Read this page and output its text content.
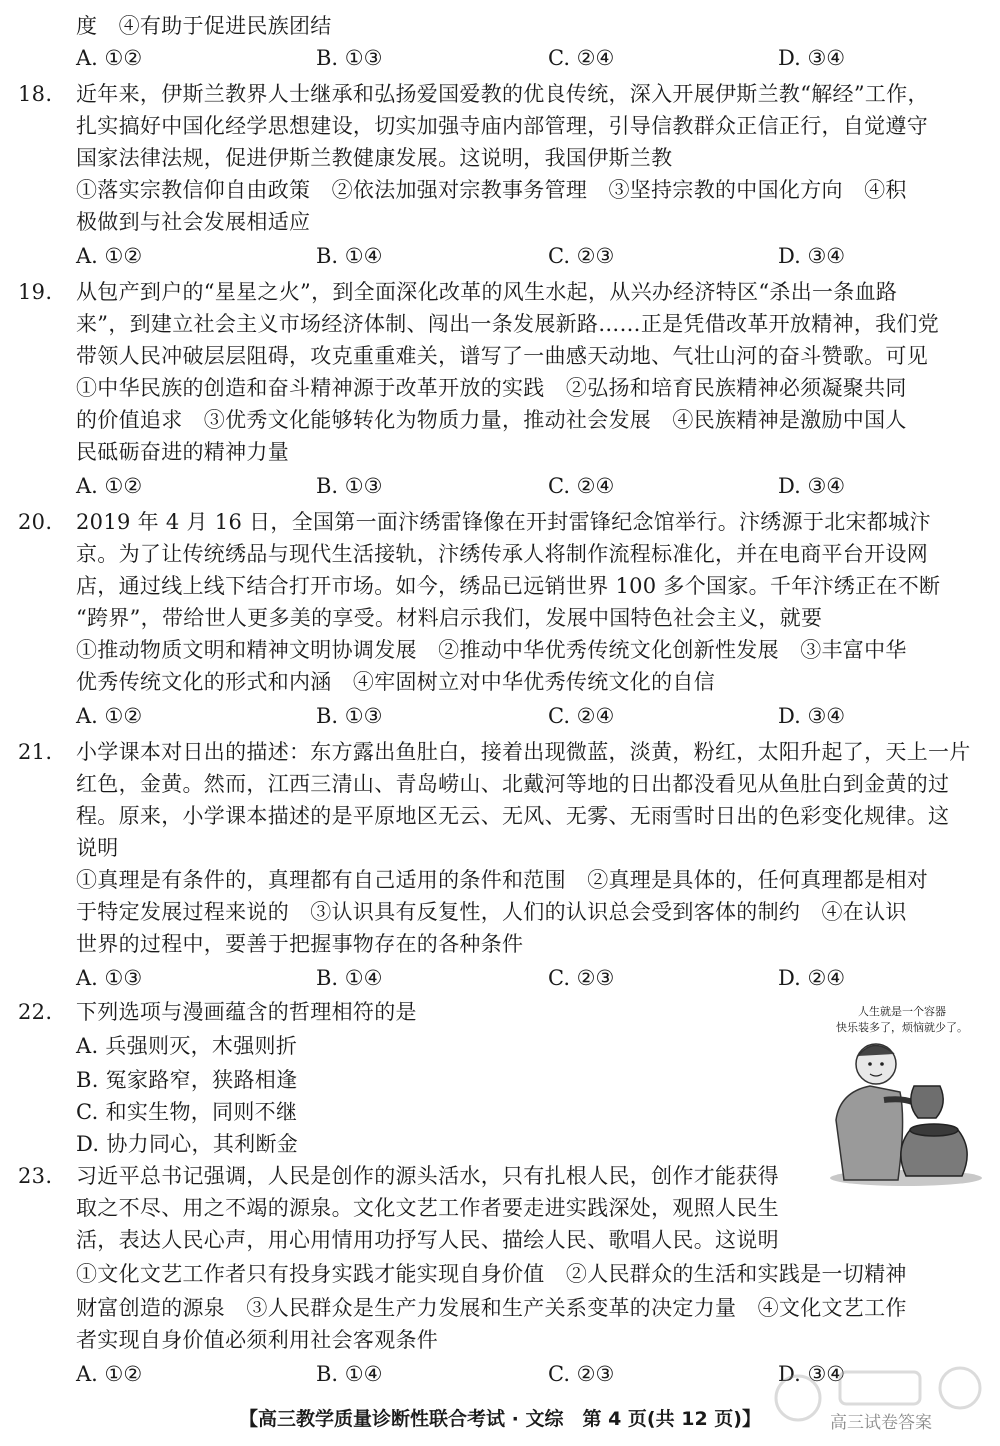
度　④有助于促进民族团结
A. ①②	B. ①③	C. ②④	D. ③④
18. 近年来，伊斯兰教界人士继承和弘扬爱国爱教的优良传统，深入开展伊斯兰教“解经”工作，
扎实搞好中国化经学思想建设，切实加强寺庙内部管理，引导信教群众正信正行，自觉遵守
国家法律法规，促进伊斯兰教健康发展。这说明，我国伊斯兰教
①落实宗教信仰自由政策　②依法加强对宗教事务管理　③坚持宗教的中国化方向　④积
极做到与社会发展相适应
A. ①②	B. ①④	C. ②③	D. ③④
19. 从包产到户的“星星之火”，到全面深化改革的风生水起，从兴办经济特区“杀出一条血路
来”，到建立社会主义市场经济体制、闯出一条发展新路……正是凭借改革开放精神，我们党
带领人民冲破层层阻碍，攻克重重难关，谱写了一曲感天动地、气壮山河的奋斗赞歌。可见
①中华民族的创造和奋斗精神源于改革开放的实践　②弘扬和培育民族精神必须凝聚共同
的价值追求　③优秀文化能够转化为物质力量，推动社会发展　④民族精神是激励中国人
民砥砺奋进的精神力量
A. ①②	B. ①③	C. ②④	D. ③④
20. 2019 年 4 月 16 日，全国第一面汴绣雷锋像在开封雷锋纪念馆举行。汴绣源于北宋都城汴
京。为了让传统绣品与现代生活接轨，汴绣传承人将制作流程标准化，并在电商平台开设网
店，通过线上线下结合打开市场。如今，绣品已远销世界 100 多个国家。千年汴绣正在不断
“跨界”，带给世人更多美的享受。材料启示我们，发展中国特色社会主义，就要
①推动物质文明和精神文明协调发展　②推动中华优秀传统文化创新性发展　③丰富中华
优秀传统文化的形式和内涵　④牢固树立对中华优秀传统文化的自信
A. ①②	B. ①③	C. ②④	D. ③④
21. 小学课本对日出的描述：东方露出鱼肚白，接着出现微蓝，淡黄，粉红，太阳升起了，天上一片
红色，金黄。然而，江西三清山、青岛崂山、北戴河等地的日出都没看见从鱼肚白到金黄的过
程。原来，小学课本描述的是平原地区无云、无风、无雾、无雨雪时日出的色彩变化规律。这
说明
①真理是有条件的，真理都有自己适用的条件和范围　②真理是具体的，任何真理都是相对
于特定发展过程来说的　③认识具有反复性，人们的认识总会受到客体的制约　④在认识
世界的过程中，要善于把握事物存在的各种条件
A. ①③	B. ①④	C. ②③	D. ②④
22. 下列选项与漫画蕴含的哲理相符的是
A. 兵强则灭，木强则折
B. 冤家路窄，狭路相逢
C. 和实生物，同则不继
D. 协力同心，其利断金
人生就是一个容器
快乐装多了，烦恼就少了。
23. 习近平总书记强调，人民是创作的源头活水，只有扎根人民，创作才能获得
取之不尽、用之不竭的源泉。文化文艺工作者要走进实践深处，观照人民生
活，表达人民心声，用心用情用功抒写人民、描绘人民、歌唱人民。这说明
①文化文艺工作者只有投身实践才能实现自身价值　②人民群众的生活和实践是一切精神
财富创造的源泉　③人民群众是生产力发展和生产关系变革的决定力量　④文化文艺工作
者实现自身价值必须利用社会客观条件
A. ①②	B. ①④	C. ②③	D. ③④
高三试卷答案
【高三教学质量诊断性联合考试 · 文综　第 4 页(共 12 页)】
